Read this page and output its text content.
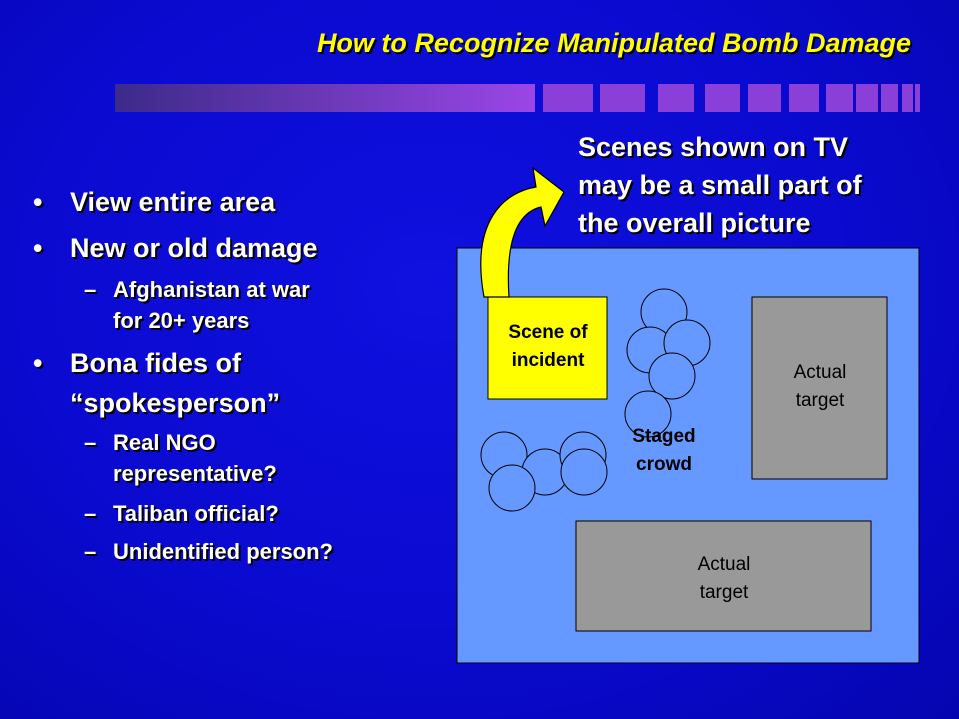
How to Recognize Manipulated Bomb Damage
• View entire area
• New or old damage
– Afghanistan at war
for 20+ years
• Bona fides of
“spokesperson”
– Real NGO
representative?
– Taliban official?
– Unidentified person?
Scenes shown on TV
may be a small part of
the overall picture
Scene of
incident
Staged
crowd
Actual
target
Actual
target
